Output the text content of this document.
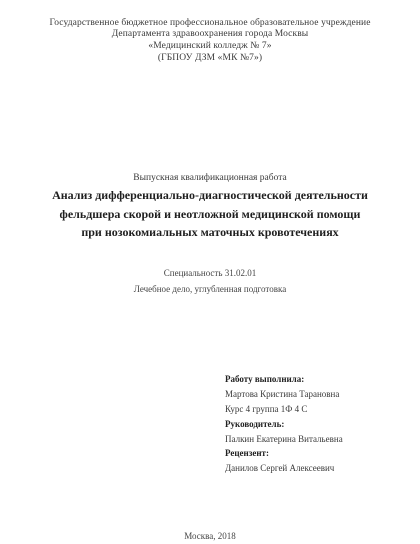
Государственное бюджетное профессиональное образовательное учреждение
Департамента здравоохранения города Москвы
«Медицинский колледж № 7»
(ГБПОУ ДЗМ «МК №7»)
Выпускная квалификационная работа
Анализ дифференциально-диагностической деятельности
фельдшера скорой и неотложной медицинской помощи
при нозокомиальных маточных кровотечениях
Специальность 31.02.01
Лечебное дело, углубленная подготовка
Работу выполнила:
Мартова Кристина Тарановна
Курс 4 группа 1Ф 4 С
Руководитель:
Палкин Екатерина Витальевна
Рецензент:
Данилов Сергей Алексеевич
Москва, 2018
